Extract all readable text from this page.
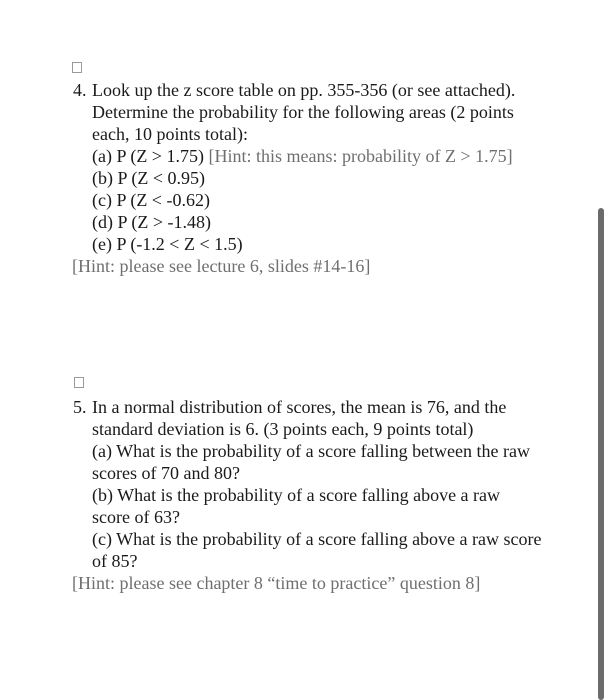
4. Look up the z score table on pp. 355-356 (or see attached).
Determine the probability for the following areas (2 points
each, 10 points total):
(a) P (Z > 1.75) [Hint: this means: probability of Z > 1.75]
(b) P (Z < 0.95)
(c) P (Z < -0.62)
(d) P (Z > -1.48)
(e) P (-1.2 < Z < 1.5)
[Hint: please see lecture 6, slides #14-16]
5. In a normal distribution of scores, the mean is 76, and the
standard deviation is 6. (3 points each, 9 points total)
(a) What is the probability of a score falling between the raw
scores of 70 and 80?
(b) What is the probability of a score falling above a raw
score of 63?
(c) What is the probability of a score falling above a raw score
of 85?
[Hint: please see chapter 8 “time to practice” question 8]
